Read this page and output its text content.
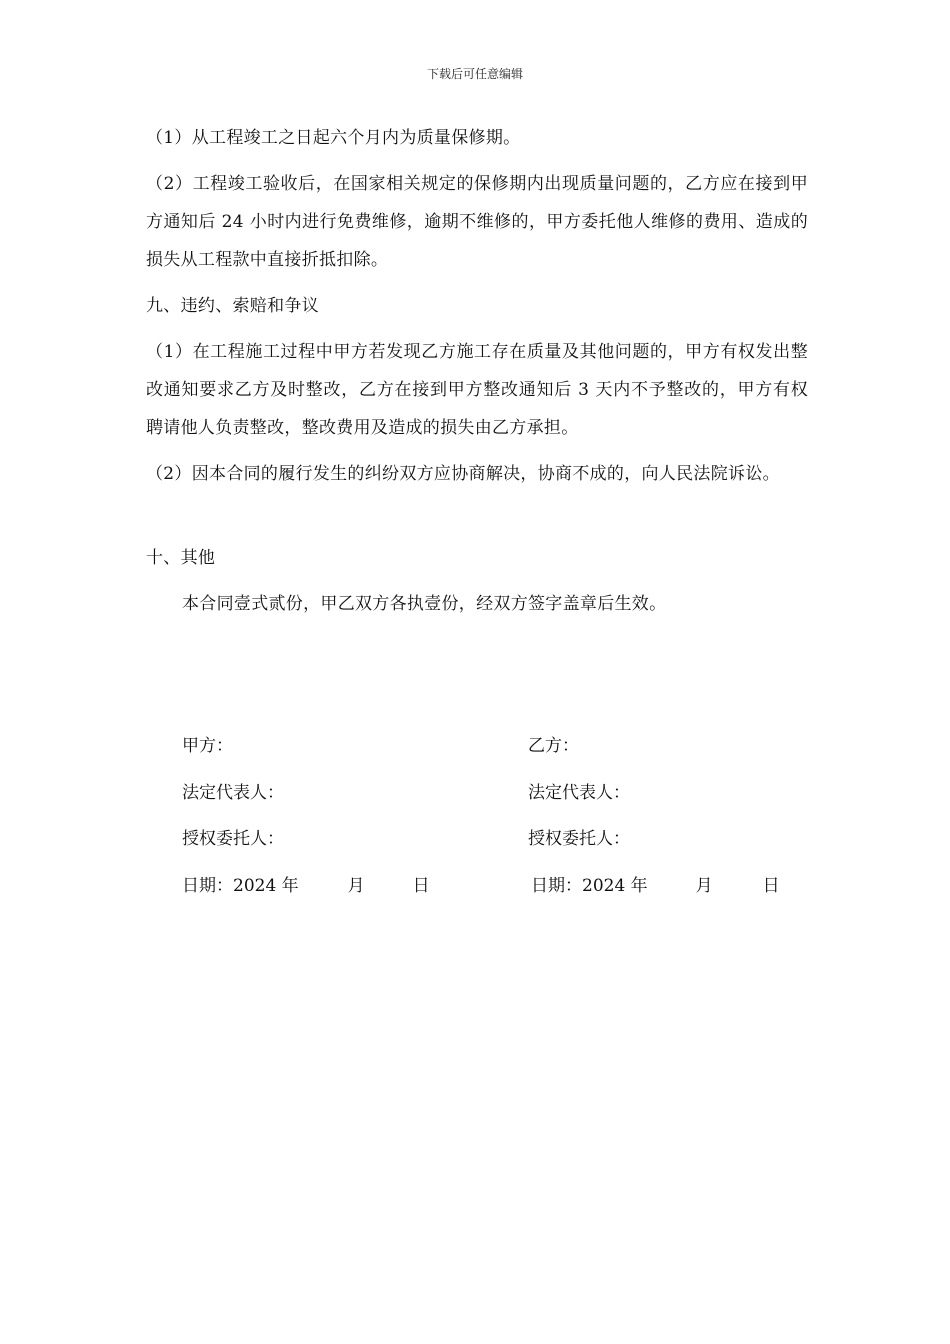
下载后可任意编辑
（1）从工程竣工之日起六个月内为质量保修期。
（2）工程竣工验收后，在国家相关规定的保修期内出现质量问题的，乙方应在接到甲方通知后 24 小时内进行免费维修，逾期不维修的，甲方委托他人维修的费用、造成的损失从工程款中直接折抵扣除。
九、违约、索赔和争议
（1）在工程施工过程中甲方若发现乙方施工存在质量及其他问题的，甲方有权发出整改通知要求乙方及时整改，乙方在接到甲方整改通知后 3 天内不予整改的，甲方有权聘请他人负责整改，整改费用及造成的损失由乙方承担。
（2）因本合同的履行发生的纠纷双方应协商解决，协商不成的，向人民法院诉讼。
十、其他
本合同壹式贰份，甲乙双方各执壹份，经双方签字盖章后生效。
甲方：
法定代表人：
授权委托人：
日期：2024 年	月	日
乙方：
法定代表人：
授权委托人：
日期：2024 年	月	日
